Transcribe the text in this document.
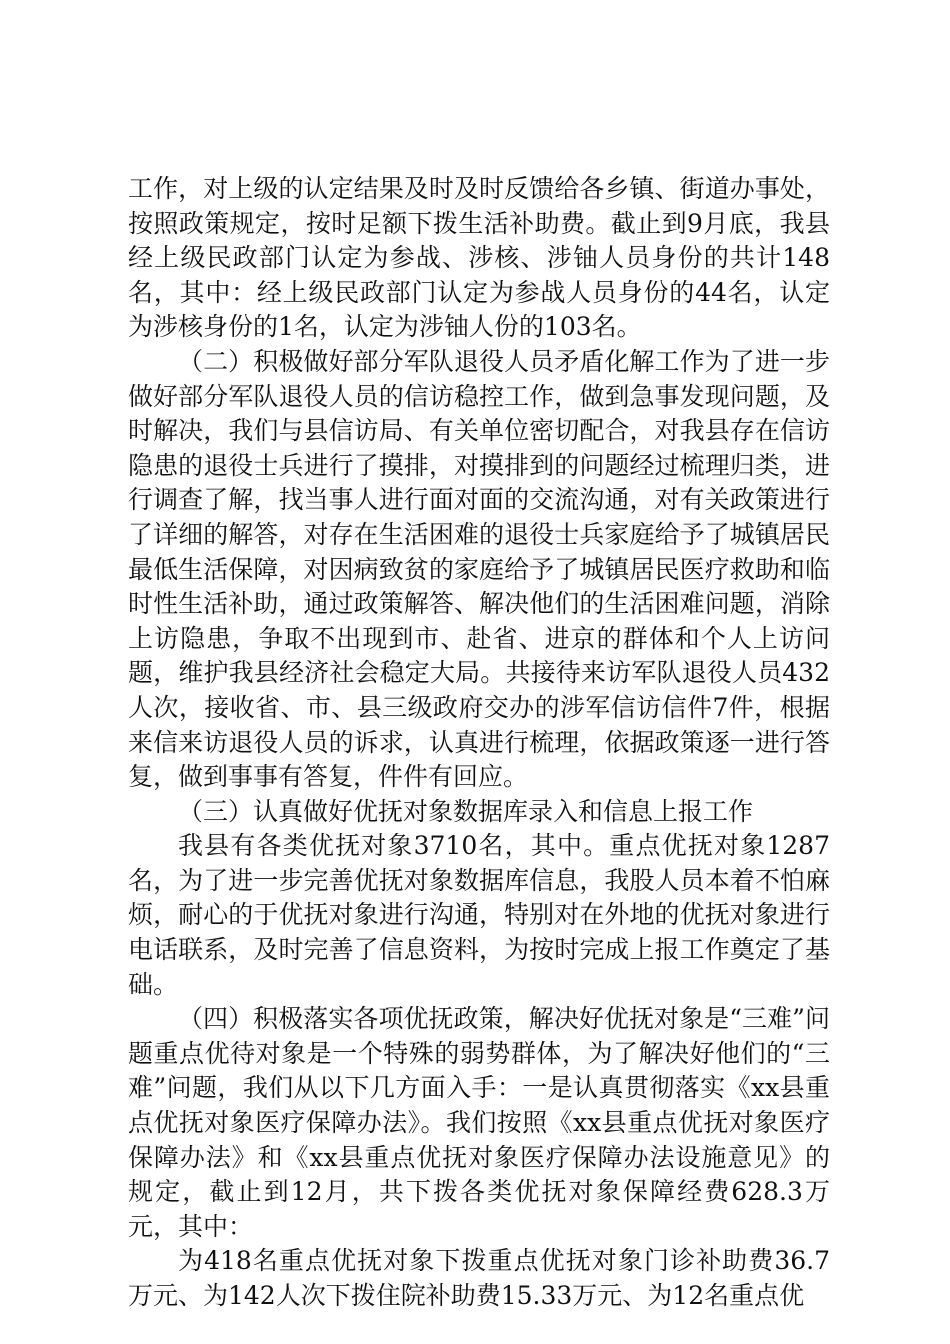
工作，对上级的认定结果及时及时反馈给各乡镇、街道办事处，按照政策规定，按时足额下拨生活补助费。截止到9月底，我县经上级民政部门认定为参战、涉核、涉铀人员身份的共计148名，其中：经上级民政部门认定为参战人员身份的44名，认定为涉核身份的1名，认定为涉铀人份的103名。

（二）积极做好部分军队退役人员矛盾化解工作为了进一步做好部分军队退役人员的信访稳控工作，做到急事发现问题，及时解决，我们与县信访局、有关单位密切配合，对我县存在信访隐患的退役士兵进行了摸排，对摸排到的问题经过梳理归类，进行调查了解，找当事人进行面对面的交流沟通，对有关政策进行了详细的解答，对存在生活困难的退役士兵家庭给予了城镇居民最低生活保障，对因病致贫的家庭给予了城镇居民医疗救助和临时性生活补助，通过政策解答、解决他们的生活困难问题，消除上访隐患，争取不出现到市、赴省、进京的群体和个人上访问题，维护我县经济社会稳定大局。共接待来访军队退役人员432人次，接收省、市、县三级政府交办的涉军信访信件7件，根据来信来访退役人员的诉求，认真进行梳理，依据政策逐一进行答复，做到事事有答复，件件有回应。

（三）认真做好优抚对象数据库录入和信息上报工作

我县有各类优抚对象3710名，其中。重点优抚对象1287名，为了进一步完善优抚对象数据库信息，我股人员本着不怕麻烦，耐心的于优抚对象进行沟通，特别对在外地的优抚对象进行电话联系，及时完善了信息资料，为按时完成上报工作奠定了基础。

（四）积极落实各项优抚政策，解决好优抚对象是“三难”问题重点优待对象是一个特殊的弱势群体，为了解决好他们的“三难”问题，我们从以下几方面入手：一是认真贯彻落实《xx县重点优抚对象医疗保障办法》。我们按照《xx县重点优抚对象医疗保障办法》和《xx县重点优抚对象医疗保障办法设施意见》的规定，截止到12月，共下拨各类优抚对象保障经费628.3万元，其中：

为418名重点优抚对象下拨重点优抚对象门诊补助费36.7万元、为142人次下拨住院补助费15.33万元、为12名重点优
